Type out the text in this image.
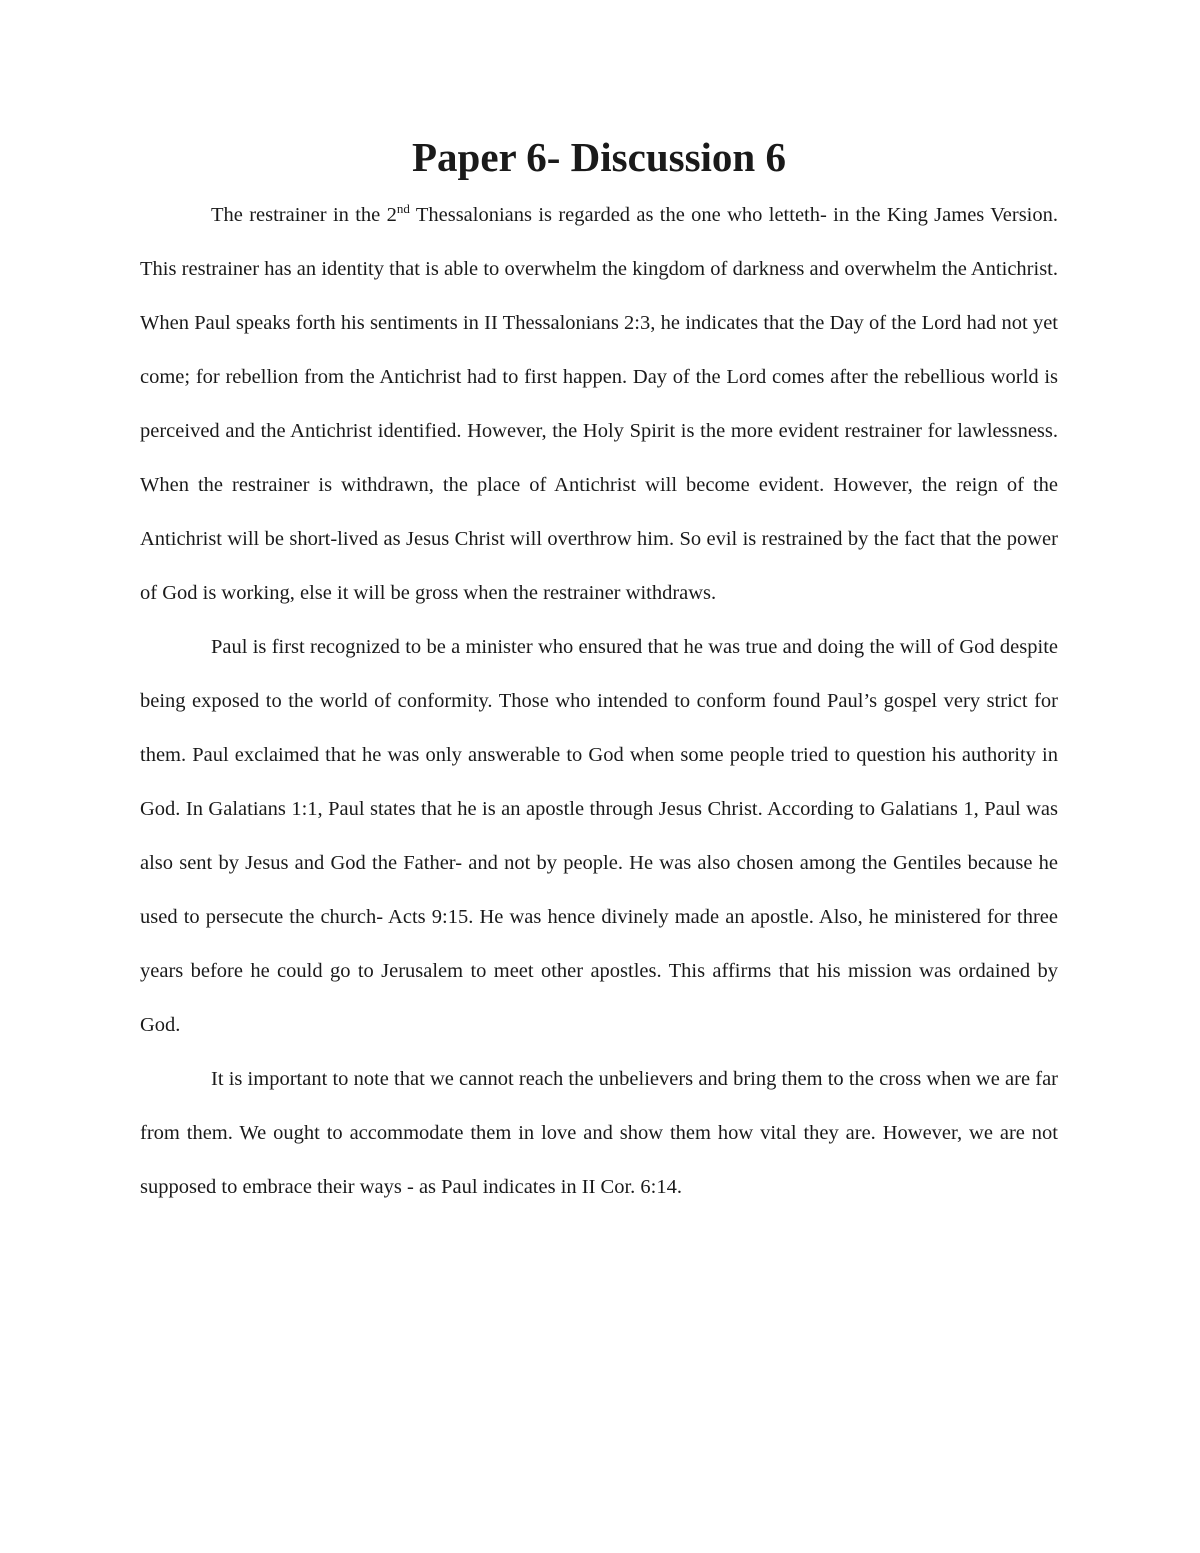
Paper 6- Discussion 6

The restrainer in the 2nd Thessalonians is regarded as the one who letteth- in the King James Version. This restrainer has an identity that is able to overwhelm the kingdom of darkness and overwhelm the Antichrist. When Paul speaks forth his sentiments in II Thessalonians 2:3, he indicates that the Day of the Lord had not yet come; for rebellion from the Antichrist had to first happen. Day of the Lord comes after the rebellious world is perceived and the Antichrist identified. However, the Holy Spirit is the more evident restrainer for lawlessness. When the restrainer is withdrawn, the place of Antichrist will become evident. However, the reign of the Antichrist will be short-lived as Jesus Christ will overthrow him. So evil is restrained by the fact that the power of God is working, else it will be gross when the restrainer withdraws.

Paul is first recognized to be a minister who ensured that he was true and doing the will of God despite being exposed to the world of conformity. Those who intended to conform found Paul’s gospel very strict for them. Paul exclaimed that he was only answerable to God when some people tried to question his authority in God. In Galatians 1:1, Paul states that he is an apostle through Jesus Christ. According to Galatians 1, Paul was also sent by Jesus and God the Father- and not by people. He was also chosen among the Gentiles because he used to persecute the church- Acts 9:15. He was hence divinely made an apostle. Also, he ministered for three years before he could go to Jerusalem to meet other apostles. This affirms that his mission was ordained by God.

It is important to note that we cannot reach the unbelievers and bring them to the cross when we are far from them. We ought to accommodate them in love and show them how vital they are. However, we are not supposed to embrace their ways - as Paul indicates in II Cor. 6:14.
